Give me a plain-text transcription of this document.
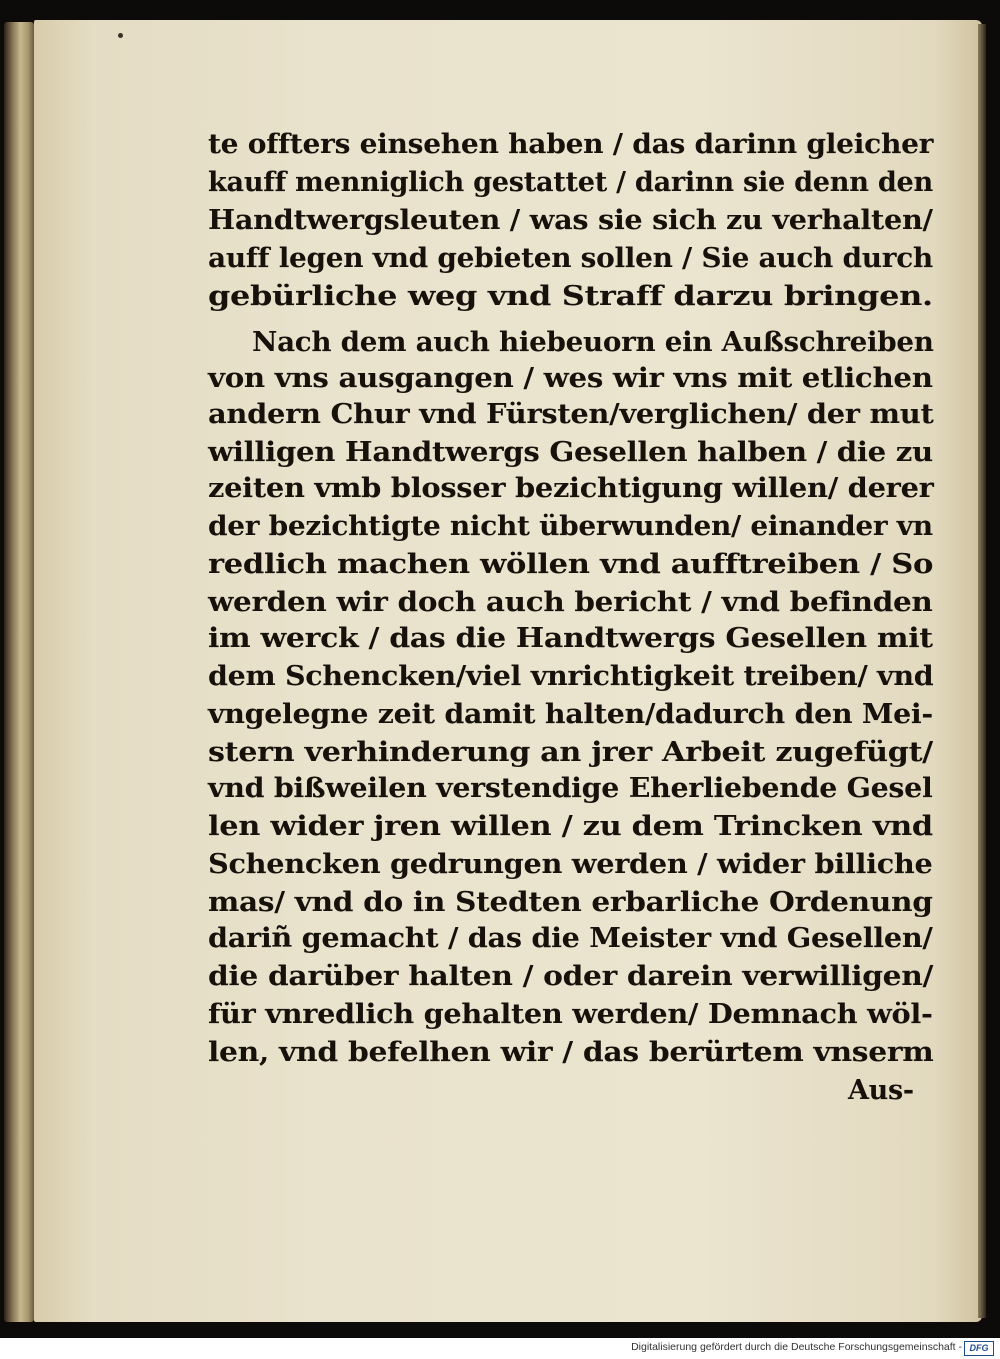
te offters einsehen haben / das darinn gleicher
kauff menniglich gestattet / darinn sie denn den
Handtwergsleuten / was sie sich zu verhalten/
auff legen vnd gebieten sollen / Sie auch durch
gebürliche weg vnd Straff darzu bringen.
Nach dem auch hiebeuorn ein Außschreiben
von vns ausgangen / wes wir vns mit etlichen
andern Chur vnd Fürsten/verglichen/ der mut
willigen Handtwergs Gesellen halben / die zu
zeiten vmb blosser bezichtigung willen/ derer
der bezichtigte nicht überwunden/ einander vn
redlich machen wöllen vnd aufftreiben / So
werden wir doch auch bericht / vnd befinden
im werck / das die Handtwergs Gesellen mit
dem Schencken/viel vnrichtigkeit treiben/ vnd
vngelegne zeit damit halten/dadurch den Mei-
stern verhinderung an jrer Arbeit zugefügt/
vnd bißweilen verstendige Eherliebende Gesel
len wider jren willen / zu dem Trincken vnd
Schencken gedrungen werden / wider billiche
mas/ vnd do in Stedten erbarliche Ordenung
dariñ gemacht / das die Meister vnd Gesellen/
die darüber halten / oder darein verwilligen/
für vnredlich gehalten werden/ Demnach wöl-
len, vnd befelhen wir / das berürtem vnserm
Aus-
Digitalisierung gefördert durch die Deutsche Forschungsgemeinschaft - DFG
